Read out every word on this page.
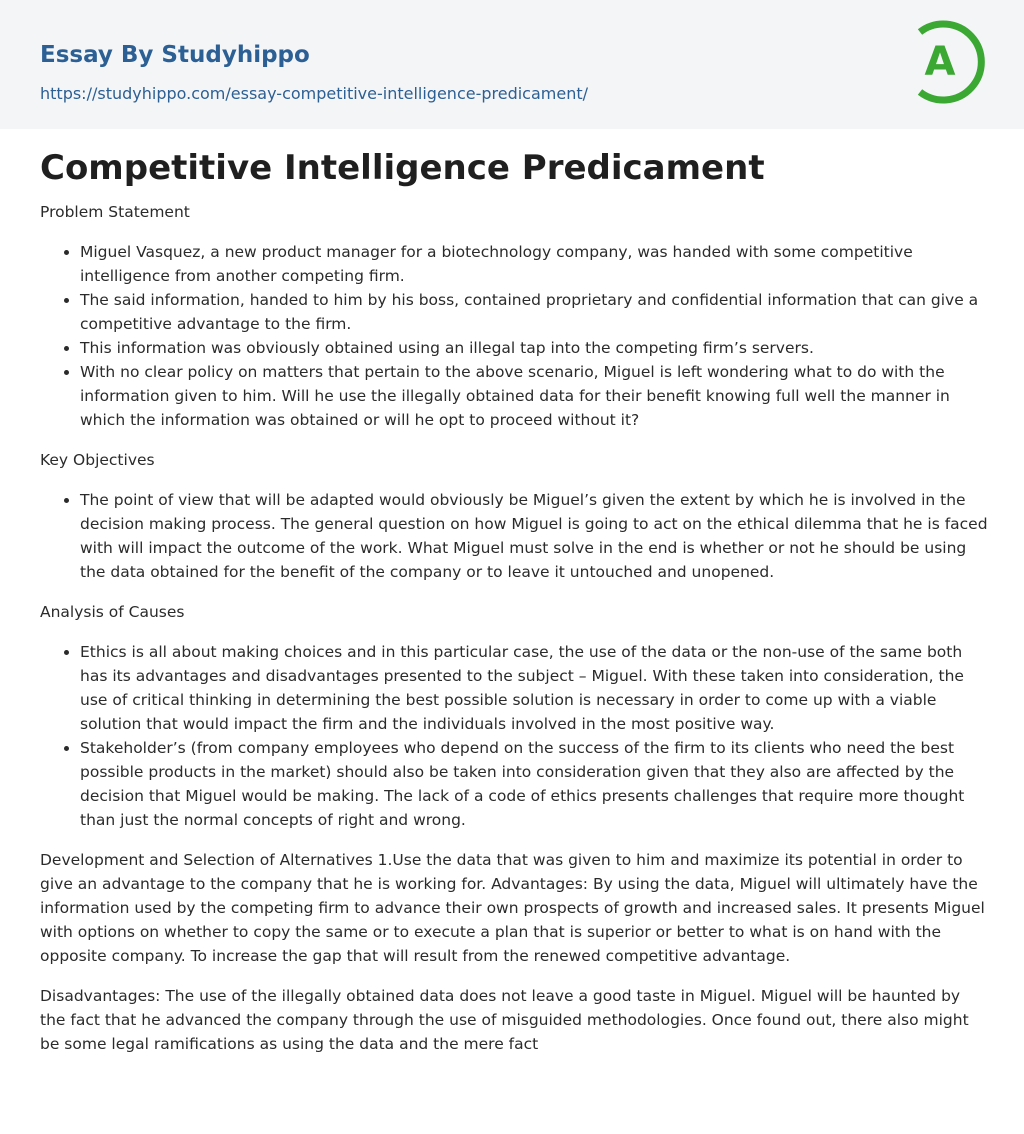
Essay By Studyhippo
https://studyhippo.com/essay-competitive-intelligence-predicament/
A
Competitive Intelligence Predicament

Problem Statement

• Miguel Vasquez, a new product manager for a biotechnology company, was handed with some competitive intelligence from another competing firm.
• The said information, handed to him by his boss, contained proprietary and confidential information that can give a competitive advantage to the firm.
• This information was obviously obtained using an illegal tap into the competing firm’s servers.
• With no clear policy on matters that pertain to the above scenario, Miguel is left wondering what to do with the information given to him. Will he use the illegally obtained data for their benefit knowing full well the manner in which the information was obtained or will he opt to proceed without it?

Key Objectives

• The point of view that will be adapted would obviously be Miguel’s given the extent by which he is involved in the decision making process. The general question on how Miguel is going to act on the ethical dilemma that he is faced with will impact the outcome of the work. What Miguel must solve in the end is whether or not he should be using the data obtained for the benefit of the company or to leave it untouched and unopened.

Analysis of Causes

• Ethics is all about making choices and in this particular case, the use of the data or the non-use of the same both has its advantages and disadvantages presented to the subject – Miguel. With these taken into consideration, the use of critical thinking in determining the best possible solution is necessary in order to come up with a viable solution that would impact the firm and the individuals involved in the most positive way.
• Stakeholder’s (from company employees who depend on the success of the firm to its clients who need the best possible products in the market) should also be taken into consideration given that they also are affected by the decision that Miguel would be making. The lack of a code of ethics presents challenges that require more thought than just the normal concepts of right and wrong.

Development and Selection of Alternatives 1.Use the data that was given to him and maximize its potential in order to give an advantage to the company that he is working for. Advantages: By using the data, Miguel will ultimately have the information used by the competing firm to advance their own prospects of growth and increased sales. It presents Miguel with options on whether to copy the same or to execute a plan that is superior or better to what is on hand with the opposite company. To increase the gap that will result from the renewed competitive advantage.

Disadvantages: The use of the illegally obtained data does not leave a good taste in Miguel. Miguel will be haunted by the fact that he advanced the company through the use of misguided methodologies. Once found out, there also might be some legal ramifications as using the data and the mere fact
